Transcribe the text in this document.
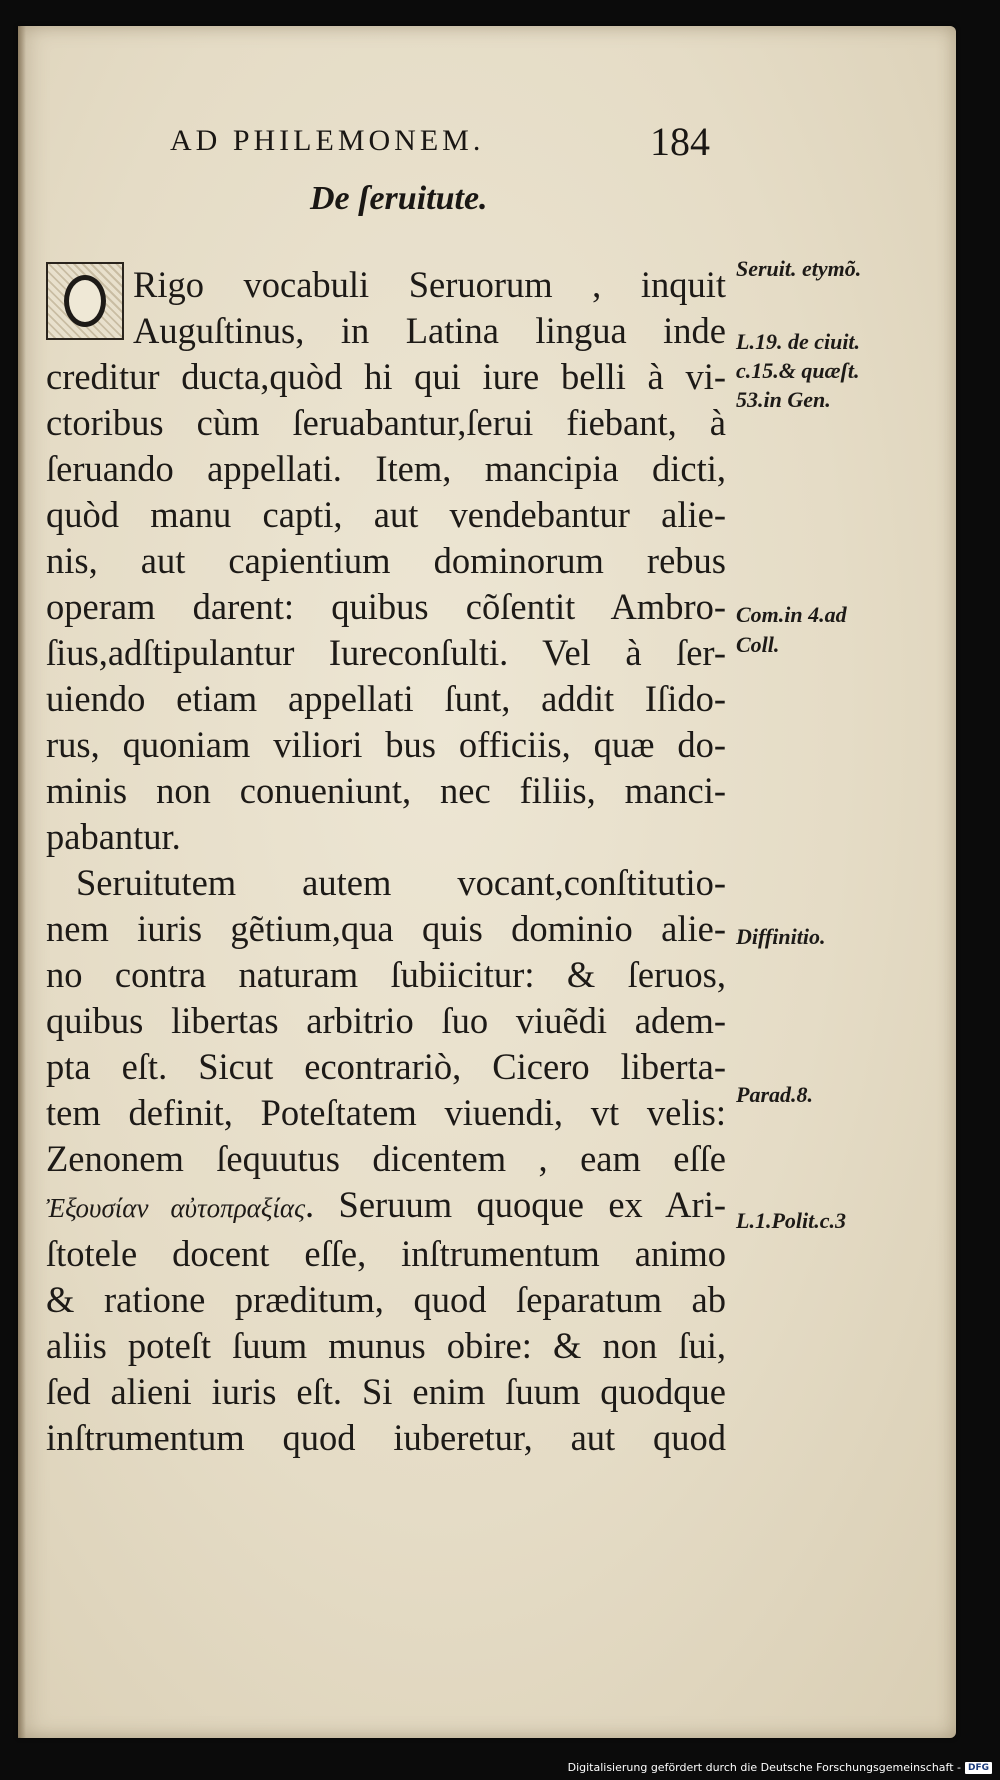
AD PHILEMONEM.	184
De ſeruitute.
Rigo vocabuli Seruorum , inquit
Auguſtinus, in Latina lingua inde
creditur ducta,quòd hi qui iure belli à vi-
ctoribus cùm ſeruabantur,ſerui fiebant, à
ſeruando appellati. Item, mancipia dicti,
quòd manu capti, aut vendebantur alie-
nis, aut capientium dominorum rebus
operam darent: quibus cõſentit Ambro-
ſius,adſtipulantur Iureconſulti. Vel à ſer-
uiendo etiam appellati ſunt, addit Iſido-
rus, quoniam viliori bus officiis, quæ do-
minis non conueniunt, nec filiis, manci-
pabantur.
Seruitutem autem vocant,conſtitutio-
nem iuris gẽtium,qua quis dominio alie-
no contra naturam ſubiicitur: & ſeruos,
quibus libertas arbitrio ſuo viuẽdi adem-
pta eſt. Sicut econtrariò, Cicero liberta-
tem definit, Poteſtatem viuendi, vt velis:
Zenonem ſequutus dicentem , eam eſſe
Ἐξουσίαν αὐτοπραξίας. Seruum quoque ex Ari-
ſtotele docent eſſe, inſtrumentum animo
& ratione præditum, quod ſeparatum ab
aliis poteſt ſuum munus obire: & non ſui,
ſed alieni iuris eſt. Si enim ſuum quodque
inſtrumentum quod iuberetur, aut quod
Seruit. etymõ.
L.19. de ciuit.
c.15.& quæſt.
53.in Gen.
Com.in 4.ad
Coll.
Diffinitio.
Parad.8.
L.1.Polit.c.3
Digitalisierung gefördert durch die Deutsche Forschungsgemeinschaft - DFG
